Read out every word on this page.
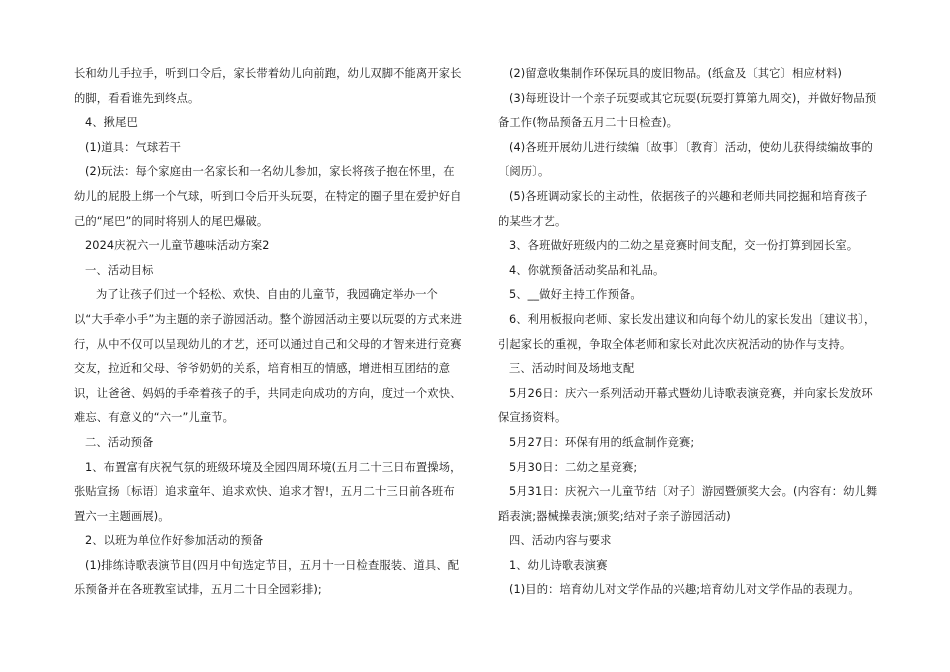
长和幼儿手拉手，听到口令后，家长带着幼儿向前跑，幼儿双脚不能离开家长的脚，看看谁先到终点。

4、揪尾巴

(1)道具：气球若干

(2)玩法：每个家庭由一名家长和一名幼儿参加，家长将孩子抱在怀里，在幼儿的屁股上绑一个气球，听到口令后开头玩耍，在特定的圈子里在爱护好自己的“尾巴”的同时将别人的尾巴爆破。

2024庆祝六一儿童节趣味活动方案2

一、活动目标

为了让孩子们过一个轻松、欢快、自由的儿童节，我园确定举办一个以“大手牵小手”为主题的亲子游园活动。整个游园活动主要以玩耍的方式来进行，从中不仅可以呈现幼儿的才艺，还可以通过自己和父母的才智来进行竞赛交友，拉近和父母、爷爷奶奶的关系，培育相互的情感，增进相互团结的意识，让爸爸、妈妈的手牵着孩子的手，共同走向成功的方向，度过一个欢快、难忘、有意义的“六一”儿童节。

二、活动预备

1、布置富有庆祝气氛的班级环境及全园四周环境(五月二十三日布置操场，张贴宣扬〔标语〕追求童年、追求欢快、追求才智!，五月二十三日前各班布置六一主题画展)。

2、以班为单位作好参加活动的预备

(1)排练诗歌表演节目(四月中旬选定节目，五月十一日检查服装、道具、配乐预备并在各班教室试排，五月二十日全园彩排);

(2)留意收集制作环保玩具的废旧物品。(纸盒及〔其它〕相应材料)

(3)每班设计一个亲子玩耍或其它玩耍(玩耍打算第九周交)，并做好物品预备工作(物品预备五月二十日检查)。

(4)各班开展幼儿进行续编〔故事〕〔教育〕活动，使幼儿获得续编故事的〔阅历〕。

(5)各班调动家长的主动性，依据孩子的兴趣和老师共同挖掘和培育孩子的某些才艺。

3、各班做好班级内的二幼之星竞赛时间支配，交一份打算到园长室。

4、你就预备活动奖品和礼品。

5、__做好主持工作预备。

6、利用板报向老师、家长发出建议和向每个幼儿的家长发出〔建议书〕，引起家长的重视，争取全体老师和家长对此次庆祝活动的协作与支持。

三、活动时间及场地支配

5月26日：庆六一系列活动开幕式暨幼儿诗歌表演竞赛，并向家长发放环保宣扬资料。

5月27日：环保有用的纸盒制作竞赛;

5月30日：二幼之星竞赛;

5月31日：庆祝六一儿童节结〔对子〕游园暨颁奖大会。(内容有：幼儿舞蹈表演;器械操表演;颁奖;结对子亲子游园活动)

四、活动内容与要求

1、幼儿诗歌表演赛

(1)目的：培育幼儿对文学作品的兴趣;培育幼儿对文学作品的表现力。
